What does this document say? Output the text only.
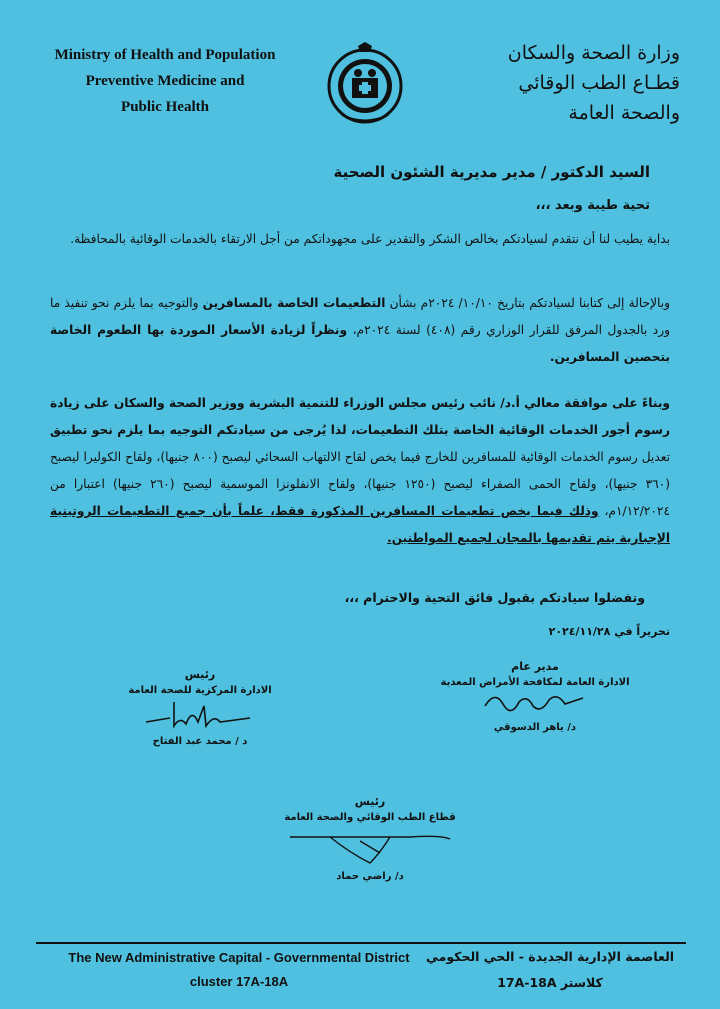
Ministry of Health and Population
Preventive Medicine and
Public Health
وزارة الصحة والسكان
قطـاع الطب الوقائي
والصحة العامة
السيد الدكتور / مدير مديرية الشئون الصحية
تحية طيبة وبعد ،،،
بداية يطيب لنا أن نتقدم لسيادتكم بخالص الشكر والتقدير على مجهوداتكم من أجل الارتقاء بالخدمات الوقائية بالمحافظة.
وبالإحالة إلى كتابنا لسيادتكم بتاريخ ١٠/١٠/ ٢٠٢٤م بشأن التطعيمات الخاصة بالمسافرين والتوجيه بما يلزم نحو تنفيذ ما ورد بالجدول المرفق للقرار الوزاري رقم (٤٠٨) لسنة ٢٠٢٤م، ونظراً لزيادة الأسعار الموردة بها الطعوم الخاصة بتحصين المسافرين.
وبناءً على موافقة معالي أ.د/ نائب رئيس مجلس الوزراء للتنمية البشرية ووزير الصحة والسكان على زيادة رسوم أجور الخدمات الوقائية الخاصة بتلك التطعيمات، لذا يُرجى من سيادتكم التوجيه بما يلزم نحو تطبيق تعديل رسوم الخدمات الوقائية للمسافرين للخارج فيما يخص لقاح الالتهاب السحائي ليصبح (٨٠٠ جنيها)، ولقاح الكوليرا ليصبح (٣٦٠ جنيها)، ولقاح الحمى الصفراء ليصبح (١٢٥٠ جنيها)، ولقاح الانفلونزا الموسمية ليصبح (٢٦٠ جنيها) اعتبارا من ١/١٢/٢٠٢٤م، وذلك فيما يخص تطعيمات المسافرين المذكورة فقط، علماً بأن جميع التطعيمات الروتينية الإجبارية يتم تقديمها بالمجان لجميع المواطنين.
وتفضلوا سيادتكم بقبول فائق التحية والاحترام ،،،
تحريراً في ٢٠٢٤/١١/٢٨
مدير عام
الادارة العامة لمكافحة الأمراض المعدية
د/ ياهر الدسوقي
رئيس
الادارة المركزية للصحة العامة
د / محمد عبد الفتاح
رئيس
قطاع الطب الوقائي والصحة العامة
د/ راضي حماد
The New Administrative Capital - Governmental District
cluster 17A-18A
العاصمة الإدارية الجديدة - الحي الحكومي
كلاستر 17A-18A
